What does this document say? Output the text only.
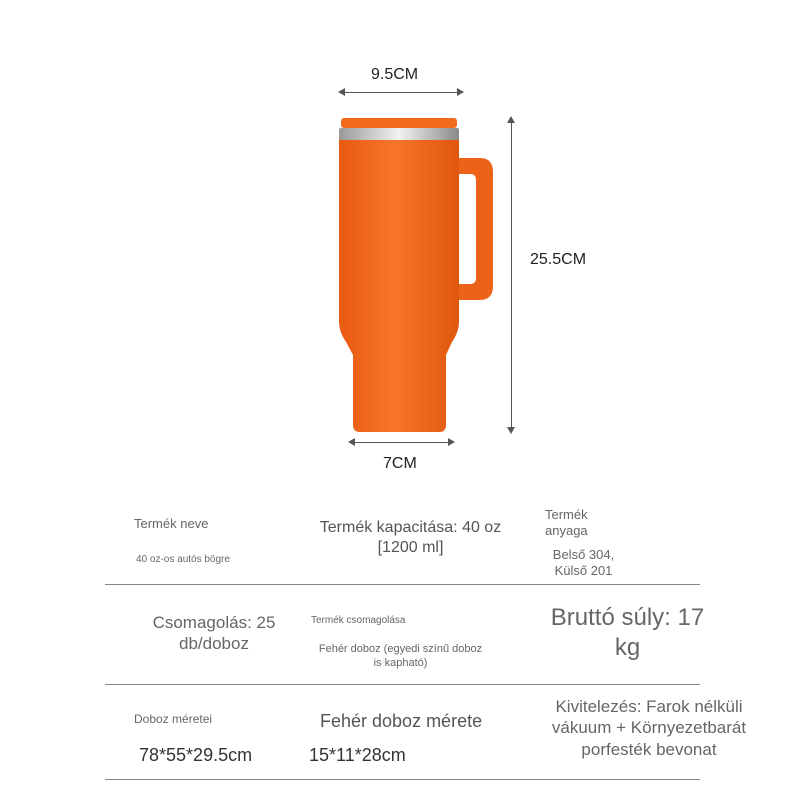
9.5CM
25.5CM
7CM
Termék neve
40 oz-os autós bögre
Termék kapacitása: 40 oz [1200 ml]
Termék anyaga
Belső 304, Külső 201
Csomagolás: 25 db/doboz
Termék csomagolása
Fehér doboz (egyedi színű doboz is kapható)
Bruttó súly: 17 kg
Doboz méretei
78*55*29.5cm
Fehér doboz mérete
15*11*28cm
Kivitelezés: Farok nélküli vákuum + Környezetbarát porfesték bevonat
